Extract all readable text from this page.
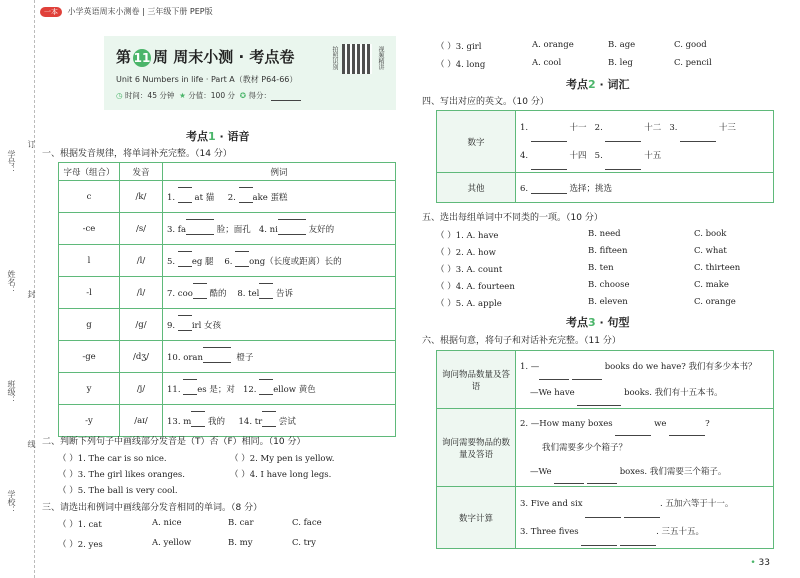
学号：
姓名：
班级：
学校：
订
封
线
一本 小学英语周末小测卷 | 三年级下册 PEP版
第 11 周 周末小测 · 考点卷
Unit 6 Numbers in life · Part A（教材 P64-66）
◷ 时间：45 分钟 ★ 分值：100 分 ✪ 得分：
拍照识别	视频精讲
考点1 · 语音
一、根据发音规律，将单词补充完整。（14 分）
字母（组合）	发音	例词
c	/k/	1.  at 猫 2. ake 蛋糕
-ce	/s/	3. fa 脸；面孔 4. ni 友好的
l	/l/	5. eg 腿 6. ong（长度或距离）长的
-l	/l/	7. coo 酷的 8. tel 告诉
g	/g/	9. irl 女孩
-ge	/dʒ/	10. oran 橙子
y	/j/	11. es 是；对 12. ellow 黄色
-y	/aɪ/	13. m 我的 14. tr 尝试
二、判断下列句子中画线部分发音是（T）否（F）相同。（10 分）
（ ）1. The car is so nice.	（ ）2. My pen is yellow.
（ ）3. The girl likes oranges.	（ ）4. I have long legs.
（ ）5. The ball is very cool.
三、请选出和例词中画线部分发音相同的单词。（8 分）
（ ）1. cat	A. nice	B. car	C. face
（ ）2. yes	A. yellow	B. my	C. try
（ ）3. girl	A. orange	B. age	C. good
（ ）4. long	A. cool	B. leg	C. pencil
考点2 · 词汇
四、写出对应的英文。（10 分）
数字	1. 十一 2. 十二 3. 十三
4. 十四 5. 十五

其他	6. 选择；挑选
五、选出每组单词中不同类的一项。（10 分）
（ ）1. A. have	B. need	C. book
（ ）2. A. how	B. fifteen	C. what
（ ）3. A. count	B. ten	C. thirteen
（ ）4. A. fourteen	B. choose	C. make
（ ）5. A. apple	B. eleven	C. orange
考点3 · 句型
六、根据句意，将句子和对话补充完整。（11 分）
询问物品数量及答语	1. — books do we have? 我们有多少本书？
—We have books. 我们有十五本书。

询问需要物品的数量及答语	2. —How many boxes we ?
我们需要多少个箱子？
—We boxes. 我们需要三个箱子。

数字计算	3. Five and six . 五加六等于十一。
3. Three fives . 三五十五。
• 33
